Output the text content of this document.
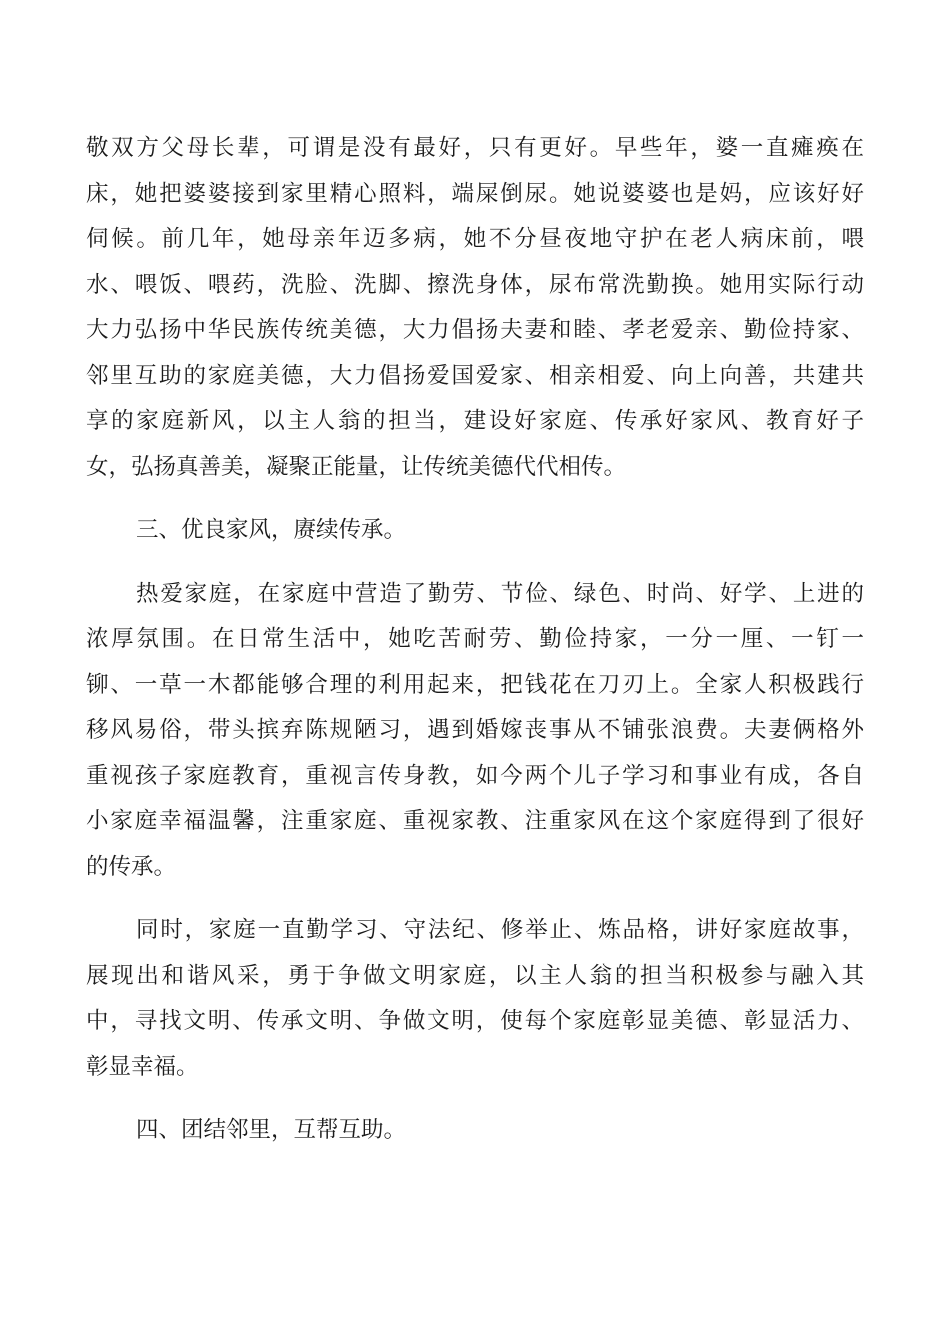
敬双方父母长辈，可谓是没有最好，只有更好。早些年，婆一直瘫痪在
床，她把婆婆接到家里精心照料，端屎倒尿。她说婆婆也是妈，应该好好
伺候。前几年，她母亲年迈多病，她不分昼夜地守护在老人病床前，喂
水、喂饭、喂药，洗脸、洗脚、擦洗身体，尿布常洗勤换。她用实际行动
大力弘扬中华民族传统美德，大力倡扬夫妻和睦、孝老爱亲、勤俭持家、
邻里互助的家庭美德，大力倡扬爱国爱家、相亲相爱、向上向善，共建共
享的家庭新风，以主人翁的担当，建设好家庭、传承好家风、教育好子
女，弘扬真善美，凝聚正能量，让传统美德代代相传。
三、优良家风，赓续传承。
热爱家庭，在家庭中营造了勤劳、节俭、绿色、时尚、好学、上进的
浓厚氛围。在日常生活中，她吃苦耐劳、勤俭持家，一分一厘、一钉一
铆、一草一木都能够合理的利用起来，把钱花在刀刃上。全家人积极践行
移风易俗，带头摈弃陈规陋习，遇到婚嫁丧事从不铺张浪费。夫妻俩格外
重视孩子家庭教育，重视言传身教，如今两个儿子学习和事业有成，各自
小家庭幸福温馨，注重家庭、重视家教、注重家风在这个家庭得到了很好
的传承。
同时，家庭一直勤学习、守法纪、修举止、炼品格，讲好家庭故事，
展现出和谐风采，勇于争做文明家庭，以主人翁的担当积极参与融入其
中，寻找文明、传承文明、争做文明，使每个家庭彰显美德、彰显活力、
彰显幸福。
四、团结邻里，互帮互助。
